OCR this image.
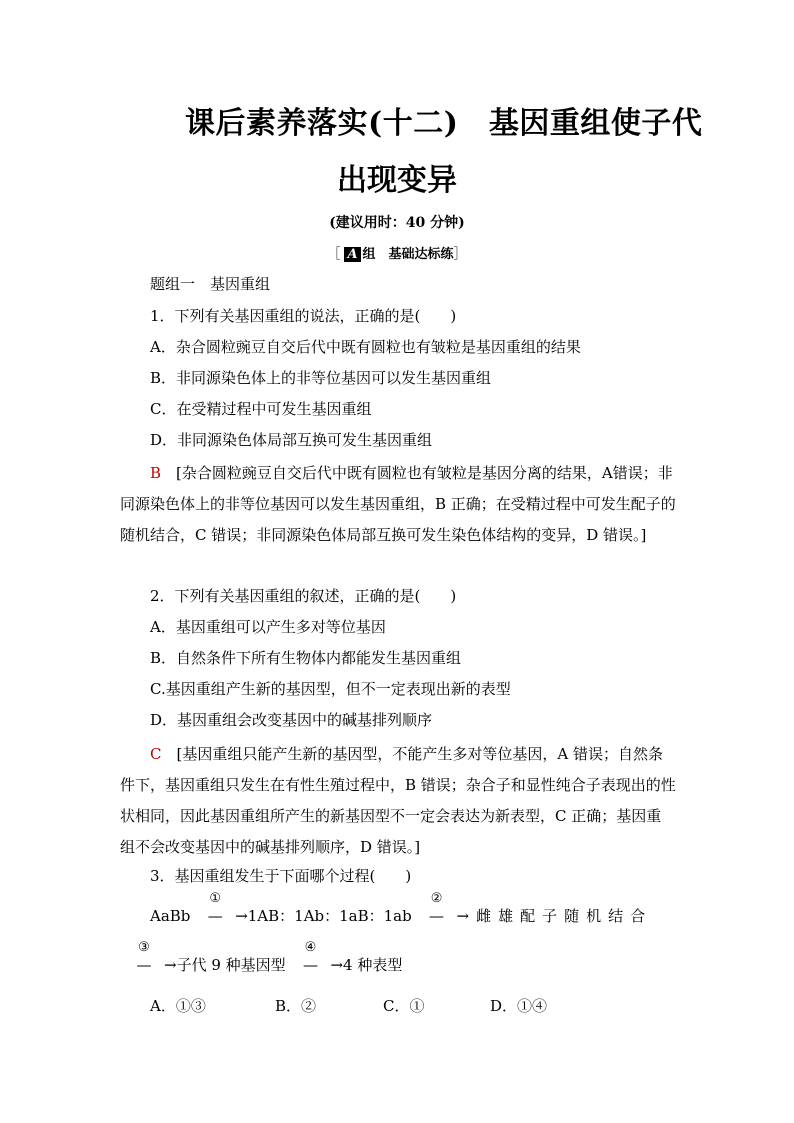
课后素养落实(十二)　基因重组使子代
出现变异
(建议用时：40 分钟)
［ A 组　基础达标练］
题组一　基因重组
1．下列有关基因重组的说法，正确的是(　　)
A．杂合圆粒豌豆自交后代中既有圆粒也有皱粒是基因重组的结果
B．非同源染色体上的非等位基因可以发生基因重组
C．在受精过程中可发生基因重组
D．非同源染色体局部互换可发生基因重组
B　 [杂合圆粒豌豆自交后代中既有圆粒也有皱粒是基因分离的结果，A错误；非同源染色体上的非等位基因可以发生基因重组，B 正确；在受精过程中可发生配子的随机结合，C 错误；非同源染色体局部互换可发生染色体结构的变异，D 错误。]
2．下列有关基因重组的叙述，正确的是(　　)
A．基因重组可以产生多对等位基因
B．自然条件下所有生物体内都能发生基因重组
C.基因重组产生新的基因型，但不一定表现出新的表型
D．基因重组会改变基因中的碱基排列顺序
C　 [基因重组只能产生新的基因型，不能产生多对等位基因，A 错误；自然条件下，基因重组只发生在有性生殖过程中，B 错误；杂合子和显性纯合子表现出的性状相同，因此基因重组所产生的新基因型不一定会表达为新表型，C 正确；基因重组不会改变基因中的碱基排列顺序，D 错误。]
3．基因重组发生于下面哪个过程(　　)
AaBb
①
— →1AB：1Ab：1aB：1ab
②
— →雌雄配子随机结合
③
— →子代 9 种基因型
④
— →4 种表型
A．①③	B．②	C．①	D．①④
